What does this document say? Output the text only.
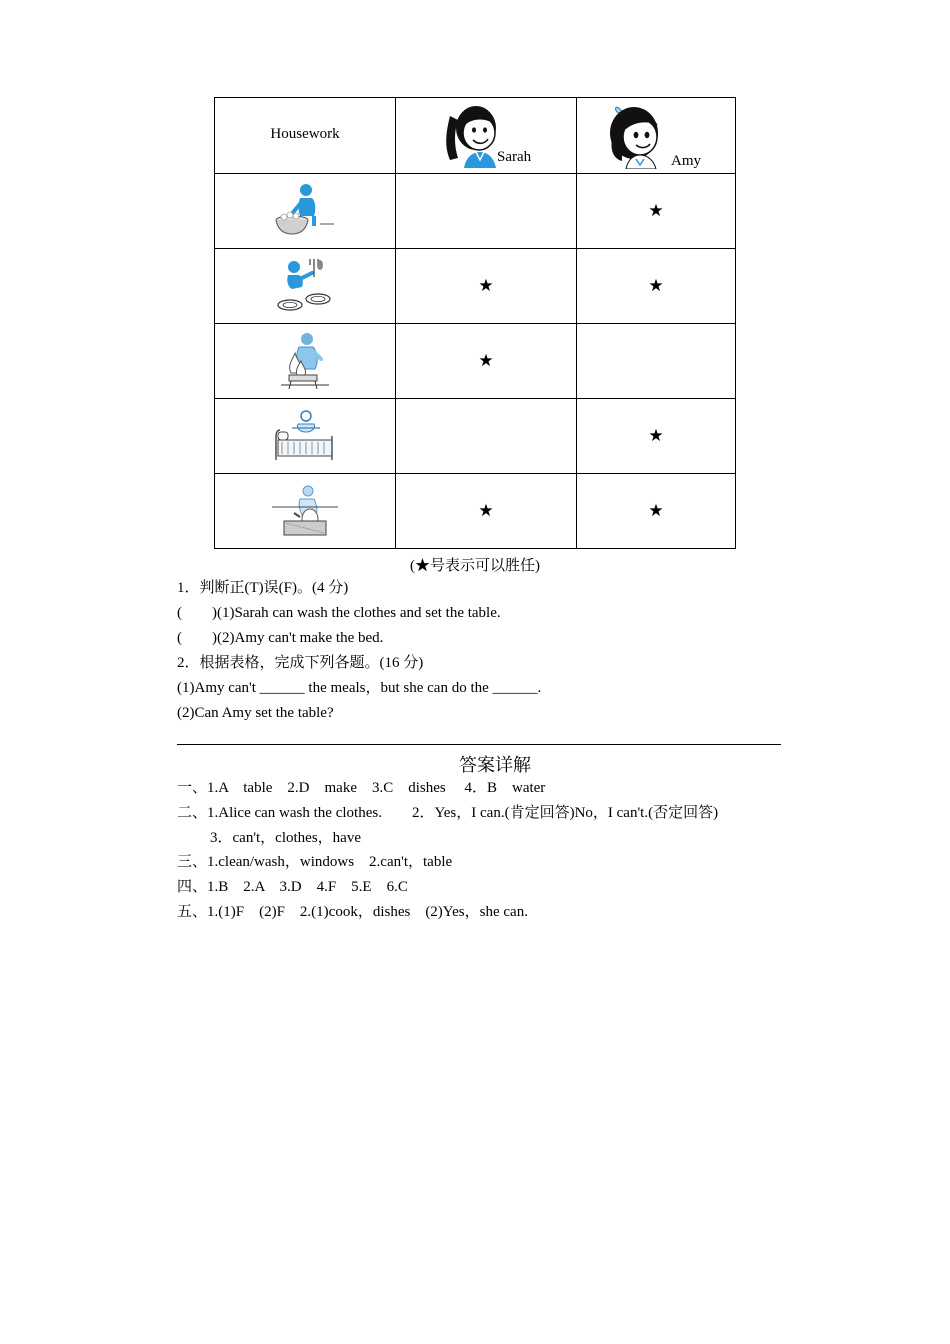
Housework	Sarah	Amy

		★

	★	★

	★	

		★

	★	★
(★号表示可以胜任)
1．判断正(T)误(F)。(4 分)
(　　)(1)Sarah can wash the clothes and set the table.
(　　)(2)Amy can't make the bed.
2．根据表格，完成下列各题。(16 分)
(1)Amy can't ______ the meals，but she can do the ______.
(2)Can Amy set the table?
答案详解
一、1.A　table　2.D　make　3.C　dishes　 4．B　water
二、1.Alice can wash the clothes.　　2．Yes，I can.(肯定回答)No，I can't.(否定回答)
3．can't，clothes，have
三、1.clean/wash，windows　2.can't，table
四、1.B　2.A　3.D　4.F　5.E　6.C
五、1.(1)F　(2)F　2.(1)cook，dishes　(2)Yes，she can.
